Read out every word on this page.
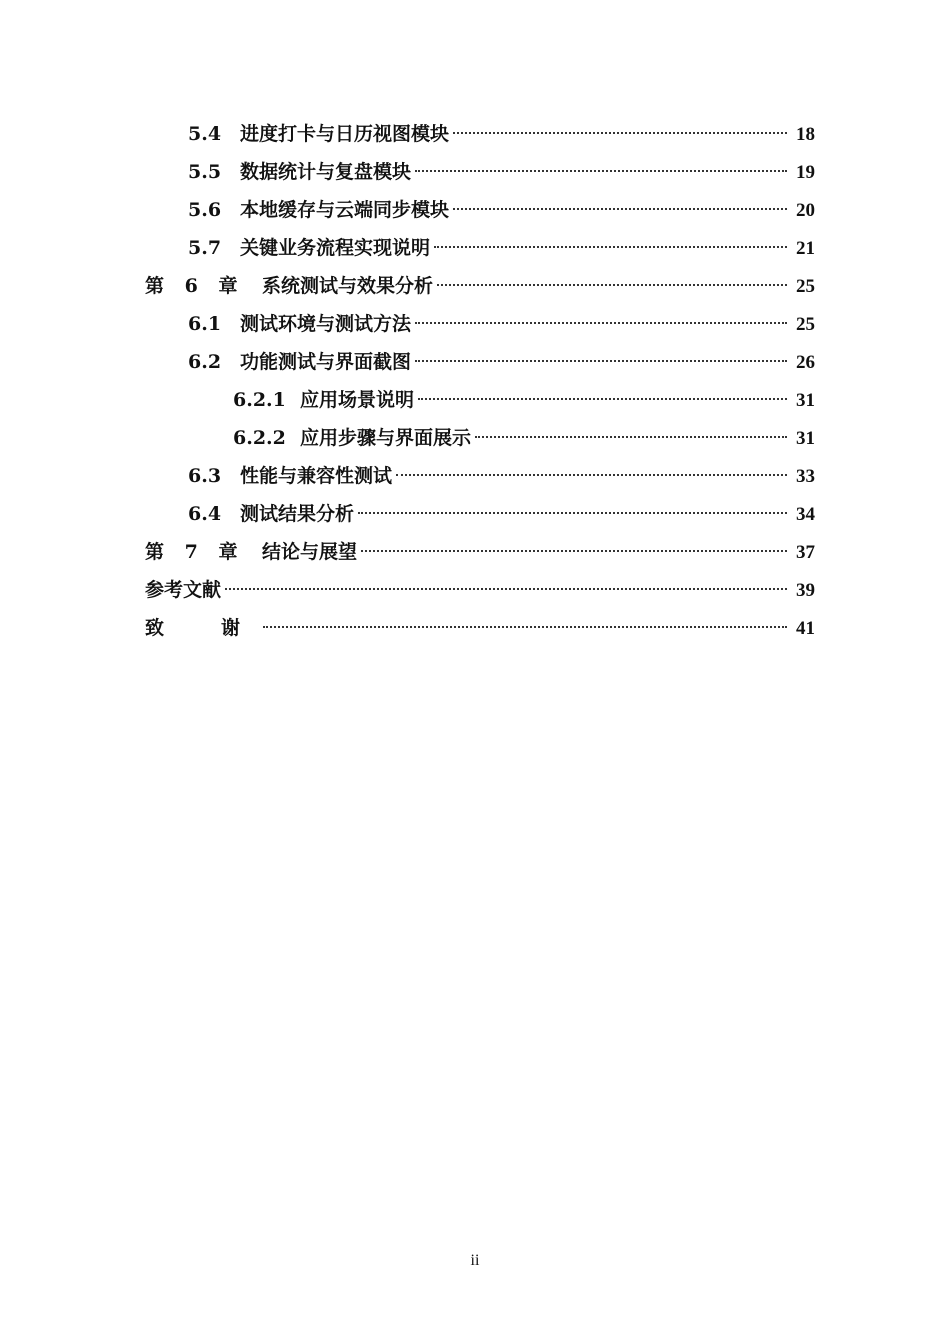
5.4 进度打卡与日历视图模块	18
5.5 数据统计与复盘模块	19
5.6 本地缓存与云端同步模块	20
5.7 关键业务流程实现说明	21
第 6 章	系统测试与效果分析	25
6.1 测试环境与测试方法	25
6.2 功能测试与界面截图	26
6.2.1 应用场景说明	31
6.2.2 应用步骤与界面展示	31
6.3 性能与兼容性测试	33
6.4 测试结果分析	34
第 7 章	结论与展望	37
参考文献	39
致　谢	41
ii
